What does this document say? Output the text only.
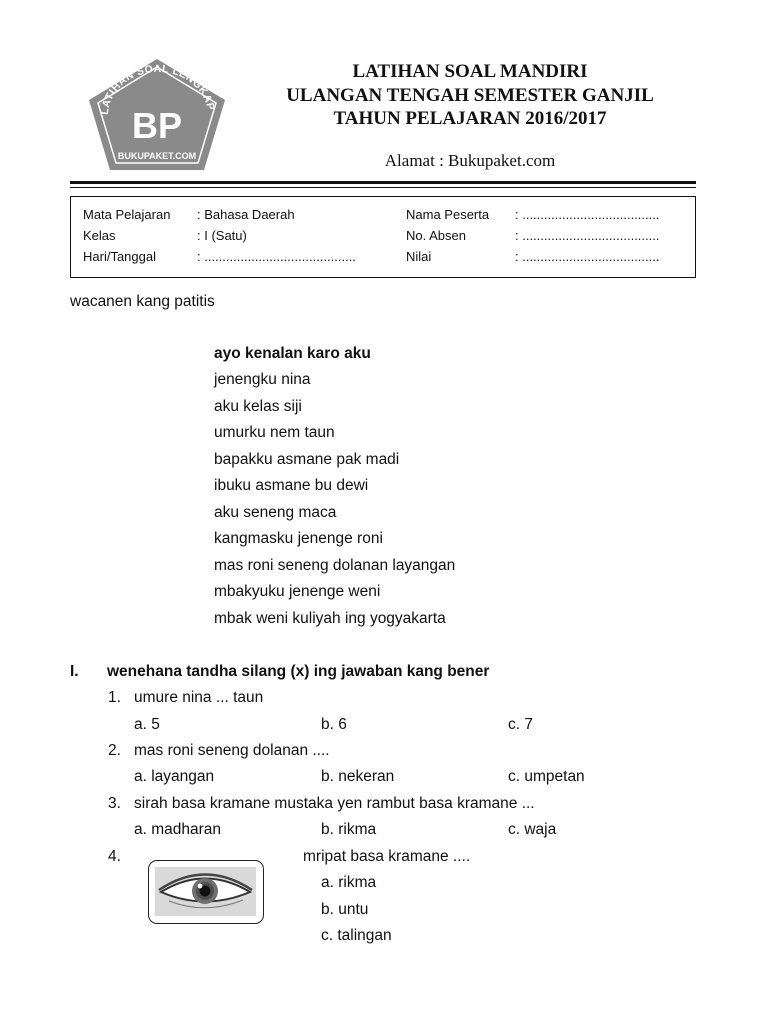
LATIHAN SOAL LENGKAP
BP
BUKUPAKET.COM
LATIHAN SOAL MANDIRI
ULANGAN TENGAH SEMESTER GANJIL
TAHUN PELAJARAN 2016/2017
Alamat : Bukupaket.com
Mata Pelajaran : Bahasa Daerah	Nama Peserta : ......................................
Kelas	: I (Satu)	No. Absen	: ......................................
Hari/Tanggal	: ..........................................	Nilai	: ......................................
wacanen kang patitis
ayo kenalan karo aku
jenengku nina
aku kelas siji
umurku nem taun
bapakku asmane pak madi
ibuku asmane bu dewi
aku seneng maca
kangmasku jenenge roni
mas roni seneng dolanan layangan
mbakyuku jenenge weni
mbak weni kuliyah ing yogyakarta
I. wenehana tandha silang (x) ing jawaban kang bener
1. umure nina ... taun
a. 5	b. 6	c. 7
2. mas roni seneng dolanan ....
a. layangan	b. nekeran	c. umpetan
3. sirah basa kramane mustaka yen rambut basa kramane ...
a. madharan	b. rikma	c. waja
4.	mripat basa kramane ....
a. rikma
b. untu
c. talingan
